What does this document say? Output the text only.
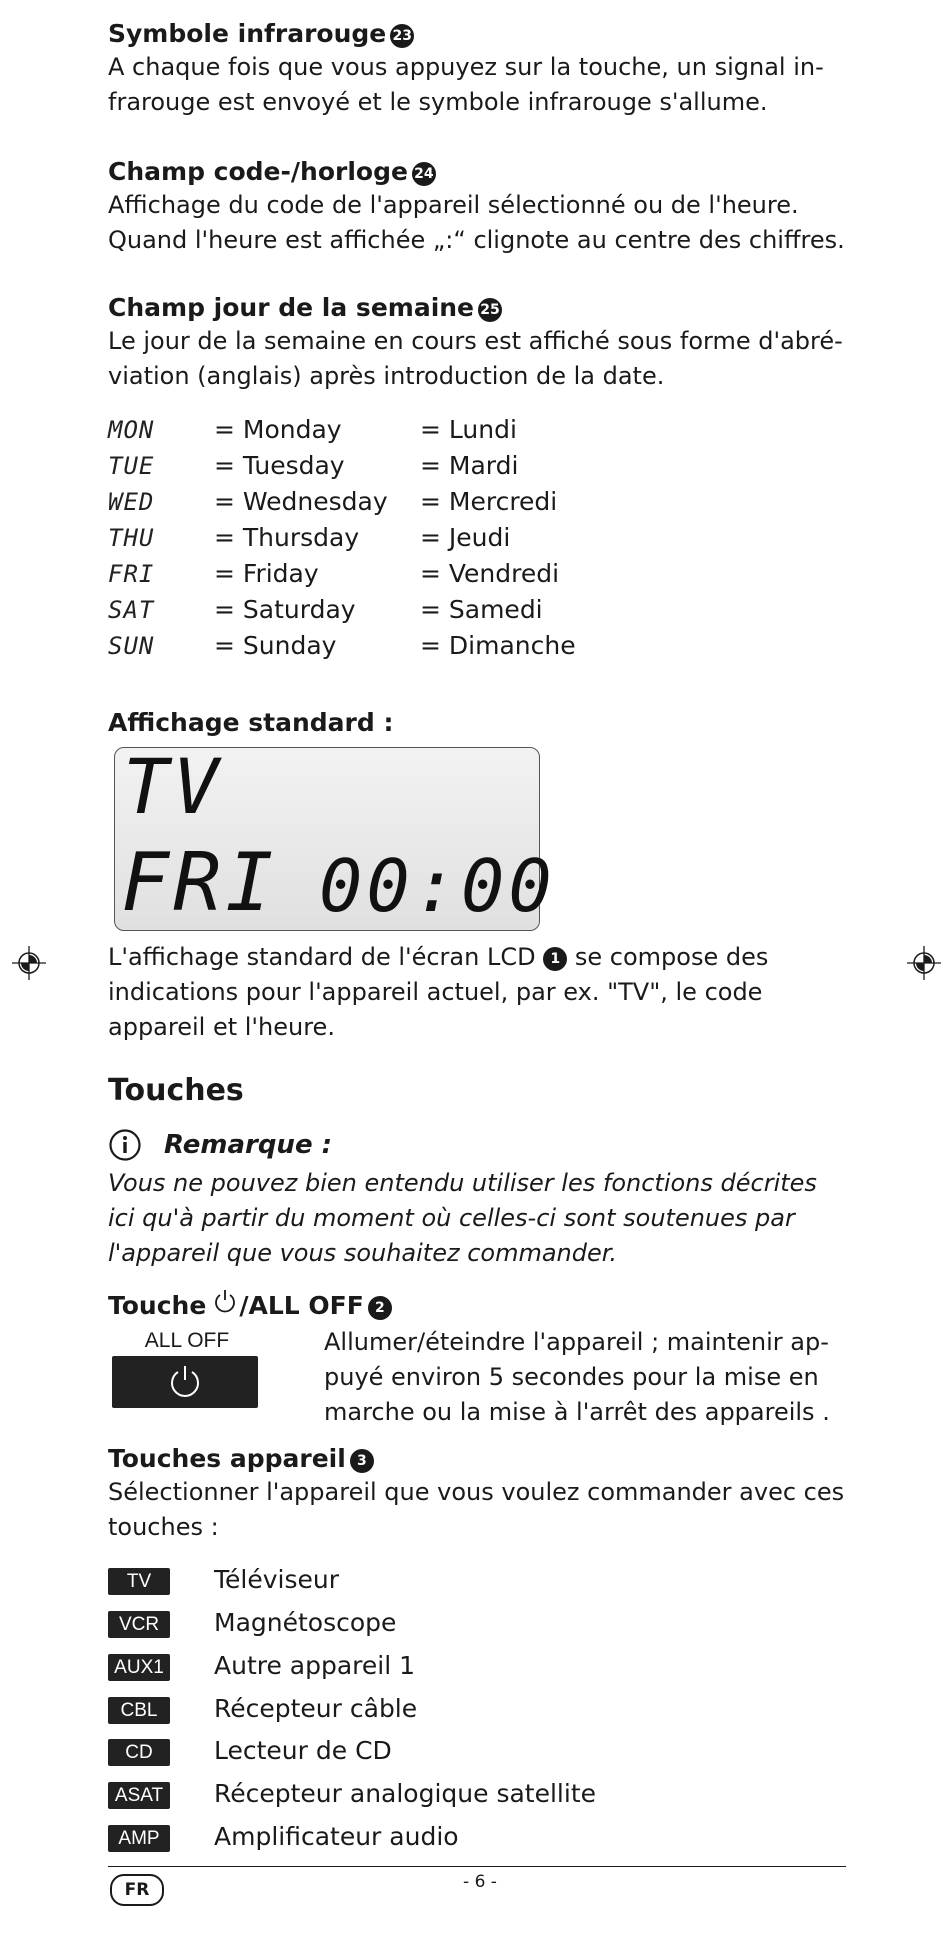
Symbole infrarouge 23
A chaque fois que vous appuyez sur la touche, un signal in-
frarouge est envoyé et le symbole infrarouge s'allume.
Champ code-/horloge 24
Affichage du code de l'appareil sélectionné ou de l'heure.
Quand l'heure est affichée „:“ clignote au centre des chiffres.
Champ jour de la semaine 25
Le jour de la semaine en cours est affiché sous forme d'abré-
viation (anglais) après introduction de la date.
MON = Monday	= Lundi
TUE = Tuesday	= Mardi
WED = Wednesday = Mercredi
THU = Thursday = Jeudi
FRI = Friday	= Vendredi
SAT = Saturday	= Samedi
SUN = Sunday	= Dimanche
Affichage standard :
TV
FRI 00:00
L'affichage standard de l'écran LCD 1 se compose des
indications pour l'appareil actuel, par ex. "TV", le code
appareil et l'heure.
Touches
Remarque :
Vous ne pouvez bien entendu utiliser les fonctions décrites
ici qu'à partir du moment où celles-ci sont soutenues par
l'appareil que vous souhaitez commander.
Touche /ALL OFF 2
ALL OFF	Allumer/éteindre l'appareil ; maintenir ap-
puyé environ 5 secondes pour la mise en
marche ou la mise à l'arrêt des appareils .
Touches appareil 3
Sélectionner l'appareil que vous voulez commander avec ces
touches :
TV	Téléviseur
VCR	Magnétoscope
AUX1 Autre appareil 1
CBL	Récepteur câble
CD	Lecteur de CD
ASAT Récepteur analogique satellite
AMP	Amplificateur audio
FR	- 6 -
